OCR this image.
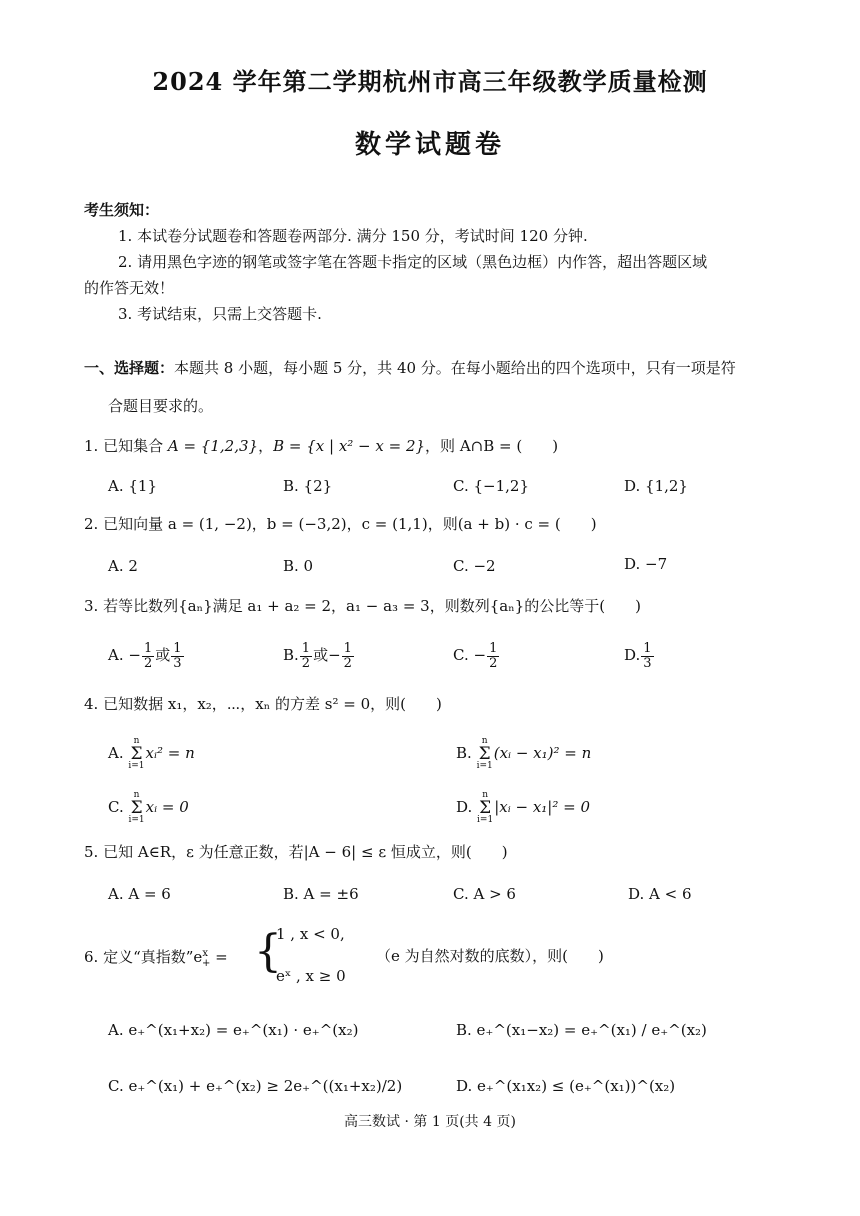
2024 学年第二学期杭州市高三年级教学质量检测
数学试题卷
考生须知：
1. 本试卷分试题卷和答题卷两部分. 满分 150 分，考试时间 120 分钟.
2. 请用黑色字迹的钢笔或签字笔在答题卡指定的区域（黑色边框）内作答，超出答题区域
的作答无效！
3. 考试结束，只需上交答题卡.
一、选择题：本题共 8 小题，每小题 5 分，共 40 分。在每小题给出的四个选项中，只有一项是符
合题目要求的。
1. 已知集合 A = {1,2,3}，B = {x | x² − x = 2}，则 A∩B = (　　)
A. {1}	B. {2}	C. {−1,2}	D. {1,2}
2. 已知向量 a = (1, −2)，b = (−3,2)，c = (1,1)，则(a + b) · c = (　　)
A. 2	B. 0	C. −2	D. −7
3. 若等比数列{aₙ}满足 a₁ + a₂ = 2，a₁ − a₃ = 3，则数列{aₙ}的公比等于(　　)
A. − $\frac{1}{2}$ 或 $\frac{1}{3}$	B. $\frac{1}{2}$ 或− $\frac{1}{2}$	C. − $\frac{1}{2}$	D. $\frac{1}{3}$
4. 已知数据 x₁，x₂，⋯，xₙ 的方差 s² = 0，则(　　)
A. n
Σ
i=1xᵢ² = n	B. n
Σ
i=1(xᵢ − x₁)² = n
C. n
Σ
i=1xᵢ = 0	D. n
Σ
i=1|xᵢ − x₁|² = 0
5. 已知 A∈R，ε 为任意正数，若|A − 6| ≤ ε 恒成立，则(　　)
A. A = 6	B. A = ±6	C. A > 6	D. A < 6
6. 定义“真指数$”e^x_+$ = {
1 , x < 0,
eˣ , x ≥ 0
（e 为自然对数的底数），则(　　)
A. e₊^(x₁+x₂) = e₊^(x₁) · e₊^(x₂)	B. e₊^(x₁−x₂) = e₊^(x₁) / e₊^(x₂)
C. e₊^(x₁) + e₊^(x₂) ≥ 2e₊^((x₁+x₂)/2)	D. e₊^(x₁x₂) ≤ (e₊^(x₁))^(x₂)
高三数试 · 第 1 页(共 4 页)
